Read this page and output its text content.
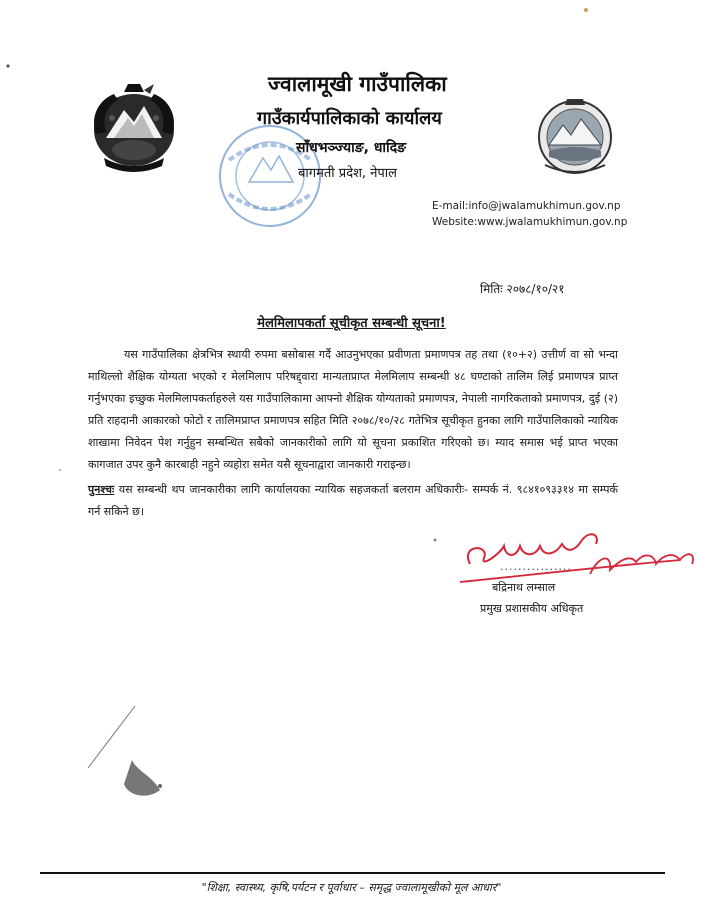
ज्वालामूखी गाउँपालिका
गाउँकार्यपालिकाको कार्यालय
साँधभञ्ज्याङ, धादिङ
बागमती प्रदेश, नेपाल
E-mail:info@jwalamukhimun.gov.np
Website:www.jwalamukhimun.gov.np
मितिः २०७८/१०/२१
मेलमिलापकर्ता सूचीकृत सम्बन्धी सूचना!

यस गाउँपालिका क्षेत्रभित्र स्थायी रुपमा बसोबास गर्दै आउनुभएका प्रवीणता प्रमाणपत्र तह तथा (१०+२) उत्तीर्ण वा सो भन्दा माथिल्लो शैक्षिक योग्यता भएको र मेलमिलाप परिषद्द्वारा मान्यताप्राप्त मेलमिलाप सम्बन्धी ४८ घण्टाको तालिम लिई प्रमाणपत्र प्राप्त गर्नुभएका इच्छुक मेलमिलापकर्ताहरुले यस गाउँपालिकामा आफ्नो शैक्षिक योग्यताको प्रमाणपत्र, नेपाली नागरिकताको प्रमाणपत्र, दुई (२) प्रति राहदानी आकारको फोटो र तालिमप्राप्त प्रमाणपत्र सहित मिति २०७८/१०/२८ गतेभित्र सूचीकृत हुनका लागि गाउँपालिकाको न्यायिक शाखामा निवेदन पेश गर्नुहुन सम्बन्धित सबैको जानकारीको लागि यो सूचना प्रकाशित गरिएको छ। म्याद समास भई प्राप्त भएका कागजात उपर कुनै कारबाही नहुने व्यहोरा समेत यसै सूचनाद्वारा जानकारी गराइन्छ।

पुनश्चः यस सम्बन्धी थप जानकारीका लागि कार्यालयका न्यायिक सहजकर्ता बलराम अधिकारीः- सम्पर्क नं. ९८४१०९३३१४ मा सम्पर्क गर्न सकिने छ।

................
बद्रिनाथ लम्साल
प्रमुख प्रशासकीय अधिकृत
"शिक्षा, स्वास्थ्य, कृषि,पर्यटन र पूर्वाधार – समृद्ध ज्वालामूखीको मूल आधार"
